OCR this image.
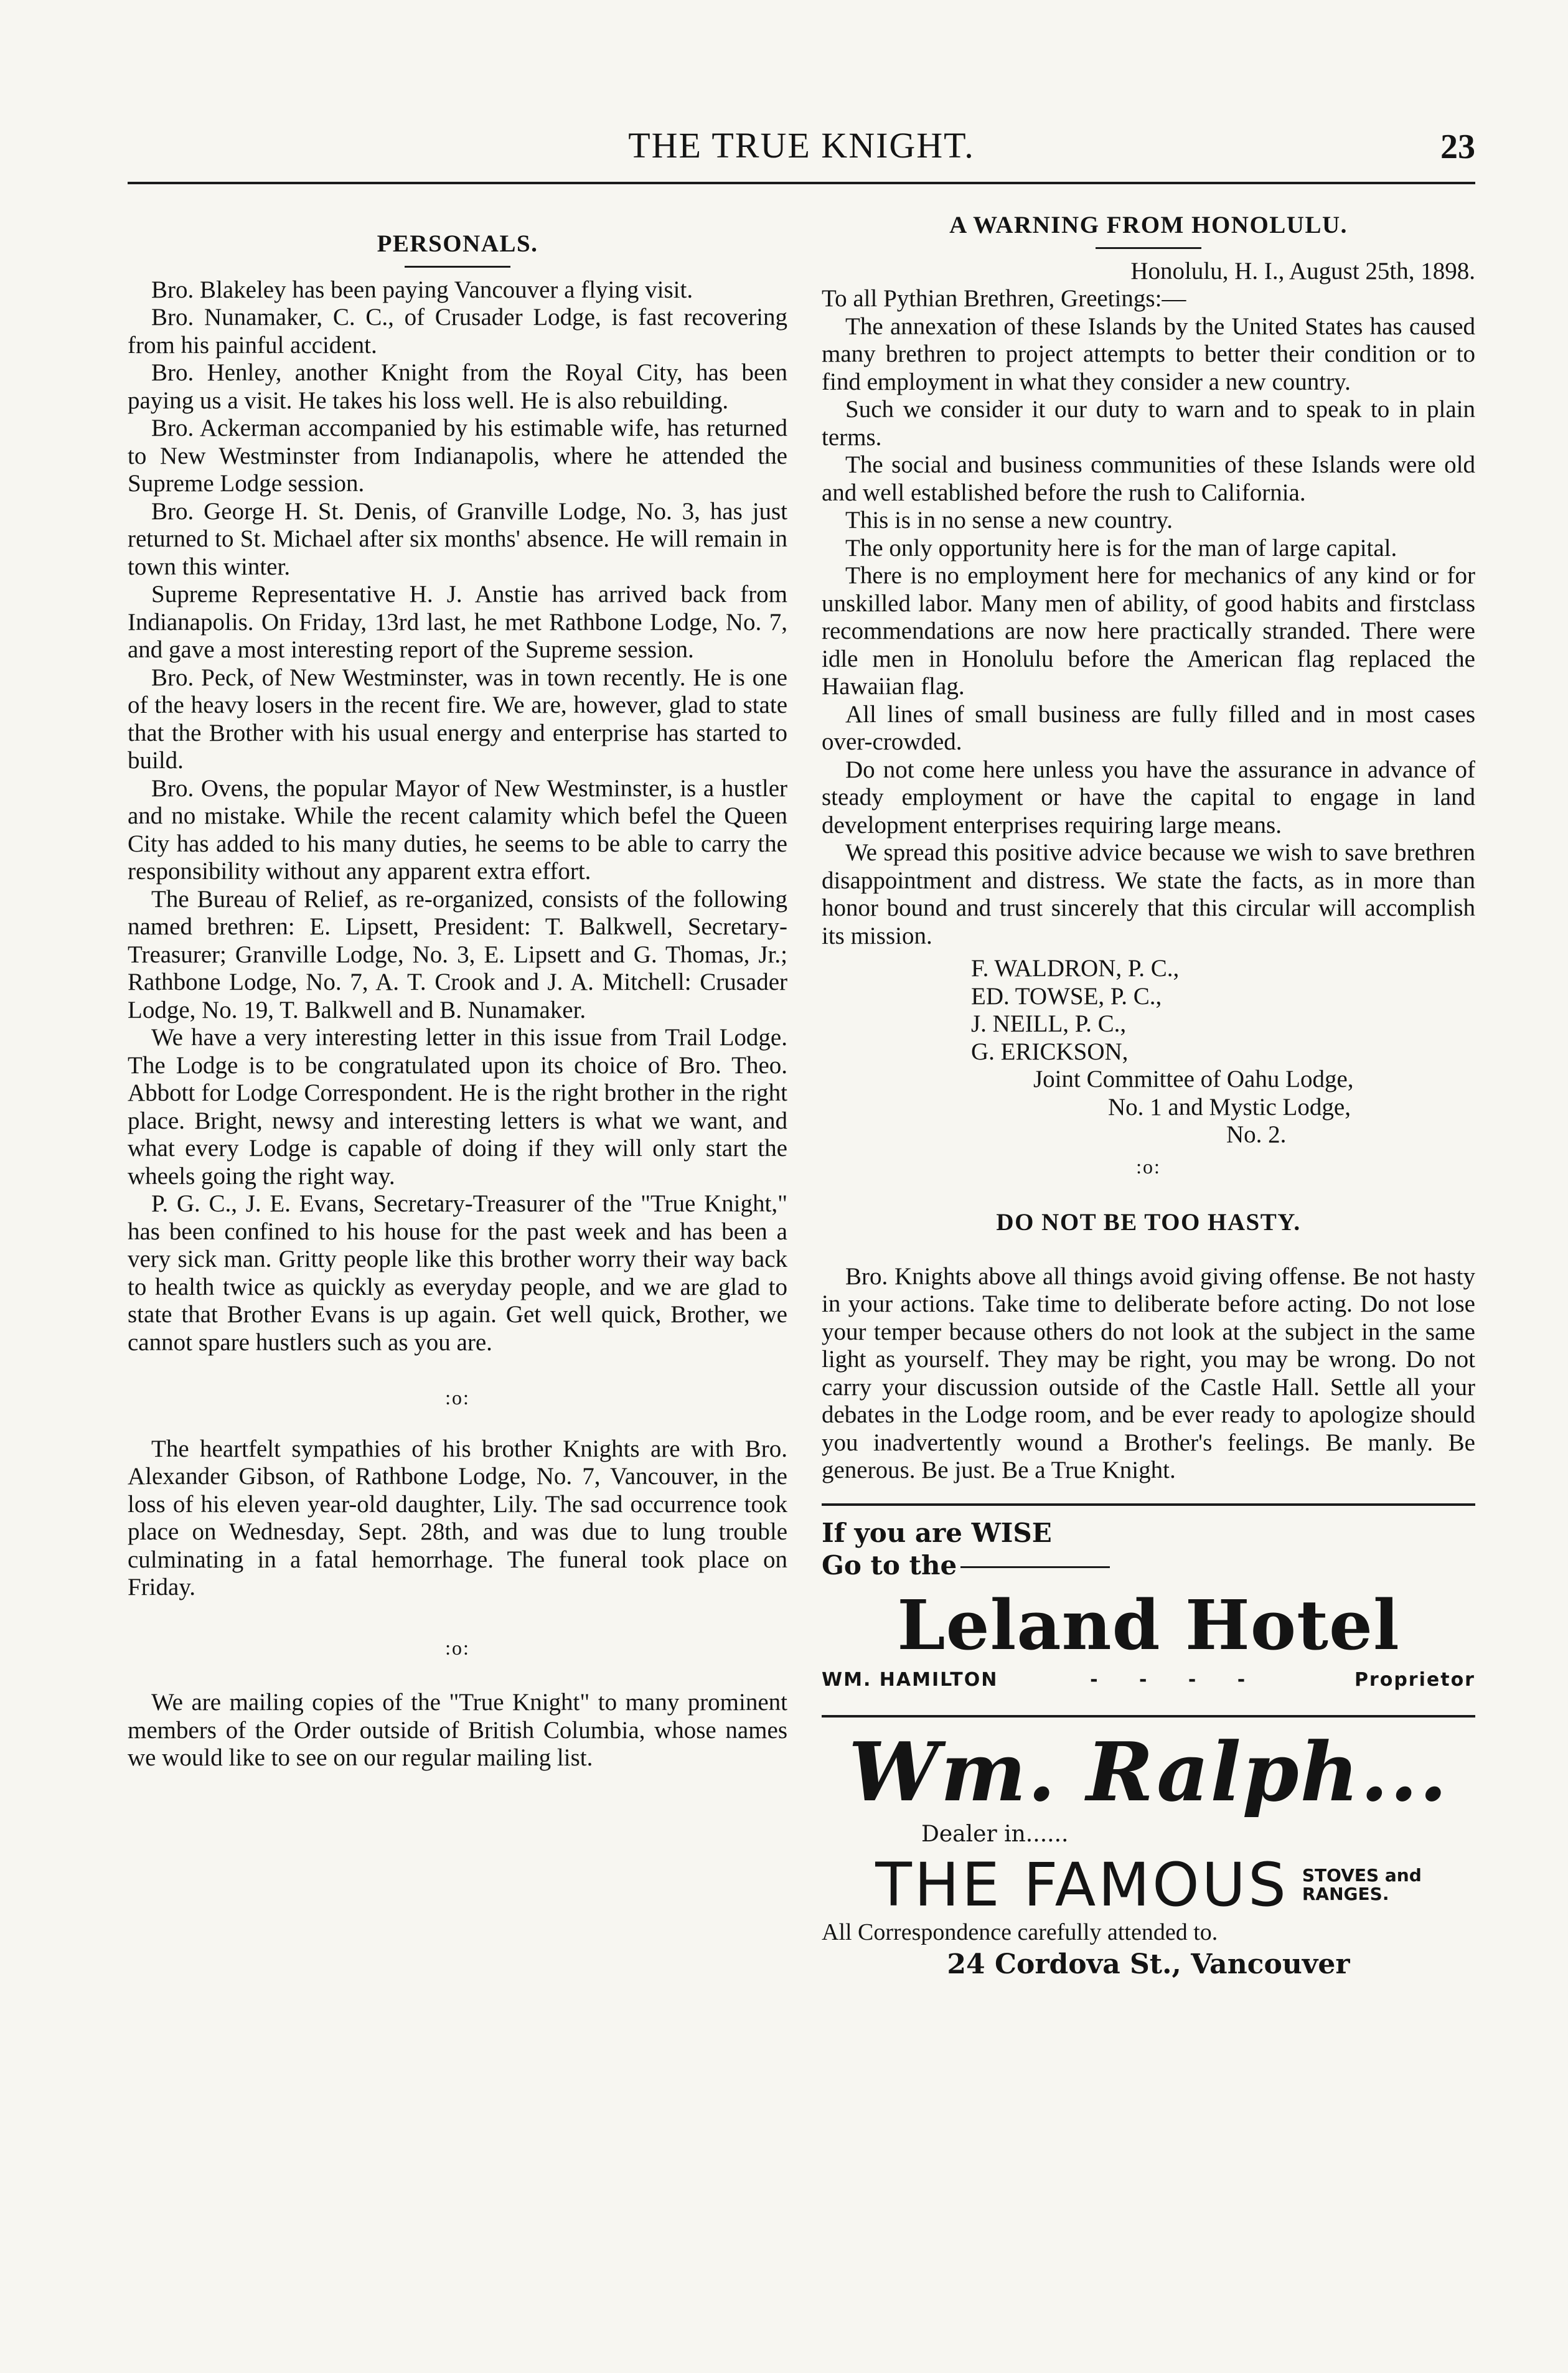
THE TRUE KNIGHT.	23
PERSONALS.

Bro. Blakeley has been paying Vancouver a flying visit.

Bro. Nunamaker, C. C., of Crusader Lodge, is fast recovering from his painful accident.

Bro. Henley, another Knight from the Royal City, has been paying us a visit. He takes his loss well. He is also rebuilding.

Bro. Ackerman accompanied by his estimable wife, has returned to New Westminster from Indianapolis, where he attended the Supreme Lodge session.

Bro. George H. St. Denis, of Granville Lodge, No. 3, has just returned to St. Michael after six months' absence. He will remain in town this winter.

Supreme Representative H. J. Anstie has arrived back from Indianapolis. On Friday, 13rd last, he met Rathbone Lodge, No. 7, and gave a most interesting report of the Supreme session.

Bro. Peck, of New Westminster, was in town recently. He is one of the heavy losers in the recent fire. We are, however, glad to state that the Brother with his usual energy and enterprise has started to build.

Bro. Ovens, the popular Mayor of New Westminster, is a hustler and no mistake. While the recent calamity which befel the Queen City has added to his many duties, he seems to be able to carry the responsibility without any apparent extra effort.

The Bureau of Relief, as re-organized, consists of the following named brethren: E. Lipsett, President: T. Balkwell, Secretary-Treasurer; Granville Lodge, No. 3, E. Lipsett and G. Thomas, Jr.; Rathbone Lodge, No. 7, A. T. Crook and J. A. Mitchell: Crusader Lodge, No. 19, T. Balkwell and B. Nunamaker.

We have a very interesting letter in this issue from Trail Lodge. The Lodge is to be congratulated upon its choice of Bro. Theo. Abbott for Lodge Correspondent. He is the right brother in the right place. Bright, newsy and interesting letters is what we want, and what every Lodge is capable of doing if they will only start the wheels going the right way.

P. G. C., J. E. Evans, Secretary-Treasurer of the "True Knight," has been confined to his house for the past week and has been a very sick man. Gritty people like this brother worry their way back to health twice as quickly as everyday people, and we are glad to state that Brother Evans is up again. Get well quick, Brother, we cannot spare hustlers such as you are.

:o:

The heartfelt sympathies of his brother Knights are with Bro. Alexander Gibson, of Rathbone Lodge, No. 7, Vancouver, in the loss of his eleven year-old daughter, Lily. The sad occurrence took place on Wednesday, Sept. 28th, and was due to lung trouble culminating in a fatal hemorrhage. The funeral took place on Friday.

:o:

We are mailing copies of the "True Knight" to many prominent members of the Order outside of British Columbia, whose names we would like to see on our regular mailing list.

A WARNING FROM HONOLULU.
Honolulu, H. I., August 25th, 1898.
To all Pythian Brethren, Greetings:—

The annexation of these Islands by the United States has caused many brethren to project attempts to better their condition or to find employment in what they consider a new country.

Such we consider it our duty to warn and to speak to in plain terms.

The social and business communities of these Islands were old and well established before the rush to California.

This is in no sense a new country.

The only opportunity here is for the man of large capital.

There is no employment here for mechanics of any kind or for unskilled labor. Many men of ability, of good habits and firstclass recommendations are now here practically stranded. There were idle men in Honolulu before the American flag replaced the Hawaiian flag.

All lines of small business are fully filled and in most cases over-crowded.

Do not come here unless you have the assurance in advance of steady employment or have the capital to engage in land development enterprises requiring large means.

We spread this positive advice because we wish to save brethren disappointment and distress. We state the facts, as in more than honor bound and trust sincerely that this circular will accomplish its mission.

F. WALDRON, P. C.,
ED. TOWSE, P. C.,
J. NEILL, P. C.,
G. ERICKSON,
Joint Committee of Oahu Lodge,
No. 1 and Mystic Lodge,
No. 2.
:o:
DO NOT BE TOO HASTY.

Bro. Knights above all things avoid giving offense. Be not hasty in your actions. Take time to deliberate before acting. Do not lose your temper because others do not look at the subject in the same light as yourself. They may be right, you may be wrong. Do not carry your discussion outside of the Castle Hall. Settle all your debates in the Lodge room, and be ever ready to apologize should you inadvertently wound a Brother's feelings. Be manly. Be generous. Be just. Be a True Knight.

If you are WISE
Go to the
Leland Hotel
WM. HAMILTON	- - - -	Proprietor
Wm. Ralph...
Dealer in......
THE FAMOUS STOVES and
RANGES.
All Correspondence carefully attended to.
24 Cordova St., Vancouver
